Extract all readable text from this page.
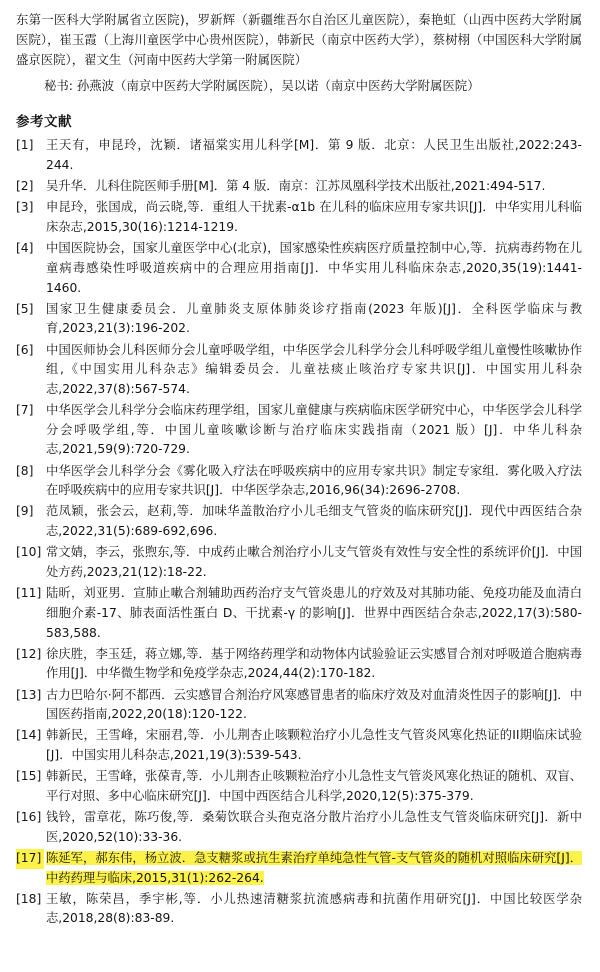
东第一医科大学附属省立医院)，罗新辉（新疆维吾尔自治区儿童医院），秦艳虹（山西中医药大学附属医院），崔玉霞（上海川童医学中心贵州医院），韩新民（南京中医药大学），蔡树栩（中国医科大学附属盛京医院），翟文生（河南中医药大学第一附属医院）

秘书: 孙燕波（南京中医药大学附属医院），吴以诺（南京中医药大学附属医院）

参考文献
[1]	王天有，申昆玲，沈颖．诸福棠实用儿科学[M]．第 9 版．北京：人民卫生出版社,2022:243-244.
[2]	吴升华．儿科住院医师手册[M]．第 4 版．南京：江苏凤凰科学技术出版社,2021:494-517.
[3]	申昆玲，张国成，尚云晓,等．重组人干扰素-α1b 在儿科的临床应用专家共识[J]．中华实用儿科临床杂志,2015,30(16):1214-1219.
[4]	中国医院协会，国家儿童医学中心(北京)，国家感染性疾病医疗质量控制中心,等．抗病毒药物在儿童病毒感染性呼吸道疾病中的合理应用指南[J]．中华实用儿科临床杂志,2020,35(19):1441-1460.
[5]	国家卫生健康委员会．儿童肺炎支原体肺炎诊疗指南(2023 年版)[J]．全科医学临床与教育,2023,21(3):196-202.
[6]	中国医师协会儿科医师分会儿童呼吸学组，中华医学会儿科学分会儿科呼吸学组儿童慢性咳嗽协作组,《中国实用儿科杂志》编辑委员会．儿童祛痰止咳治疗专家共识[J]．中国实用儿科杂志,2022,37(8):567-574.
[7]	中华医学会儿科学分会临床药理学组，国家儿童健康与疾病临床医学研究中心，中华医学会儿科学分会呼吸学组,等．中国儿童咳嗽诊断与治疗临床实践指南（2021 版）[J]．中华儿科杂志,2021,59(9):720-729.
[8]	中华医学会儿科学分会《雾化吸入疗法在呼吸疾病中的应用专家共识》制定专家组．雾化吸入疗法在呼吸疾病中的应用专家共识[J]．中华医学杂志,2016,96(34):2696-2708.
[9]	范凤颖，张会云，赵莉,等．加味华盖散治疗小儿毛细支气管炎的临床研究[J]．现代中西医结合杂志,2022,31(5):689-692,696.
[10] 常文婧，李云，张煦东,等．中成药止嗽合剂治疗小儿支气管炎有效性与安全性的系统评价[J]．中国处方药,2023,21(12):18-22.
[11] 陆昕，刘亚男．宣肺止嗽合剂辅助西药治疗支气管炎患儿的疗效及对其肺功能、免疫功能及血清白细胞介素-17、肺表面活性蛋白 D、干扰素-γ 的影响[J]．世界中西医结合杂志,2022,17(3):580-583,588.
[12] 徐庆胜，李玉廷，蒋立娜,等．基于网络药理学和动物体内试验验证云实感冒合剂对呼吸道合胞病毒作用[J]．中华微生物学和免疫学杂志,2024,44(2):170-182.
[13] 古力巴哈尔·阿不都西．云实感冒合剂治疗风寒感冒患者的临床疗效及对血清炎性因子的影响[J]．中国医药指南,2022,20(18):120-122.
[14] 韩新民，王雪峰，宋丽君,等．小儿荆杏止咳颗粒治疗小儿急性支气管炎风寒化热证的II期临床试验[J]．中国实用儿科杂志,2021,19(3):539-543.
[15] 韩新民，王雪峰，张葆青,等．小儿荆杏止咳颗粒治疗小儿急性支气管炎风寒化热证的随机、双盲、平行对照、多中心临床研究[J]．中国中西医结合儿科学,2020,12(5):375-379.
[16] 钱铃，雷章花，陈巧俊,等．桑菊饮联合头孢克洛分散片治疗小儿急性支气管炎临床研究[J]．新中医,2020,52(10):33-36.
[17] 陈延军，郝东伟，杨立波．急支糖浆或抗生素治疗单纯急性气管-支气管炎的随机对照临床研究[J]．中药药理与临床,2015,31(1):262-264.
[18] 王敏，陈荣昌，季宇彬,等．小儿热速清糖浆抗流感病毒和抗菌作用研究[J]．中国比较医学杂志,2018,28(8):83-89.
